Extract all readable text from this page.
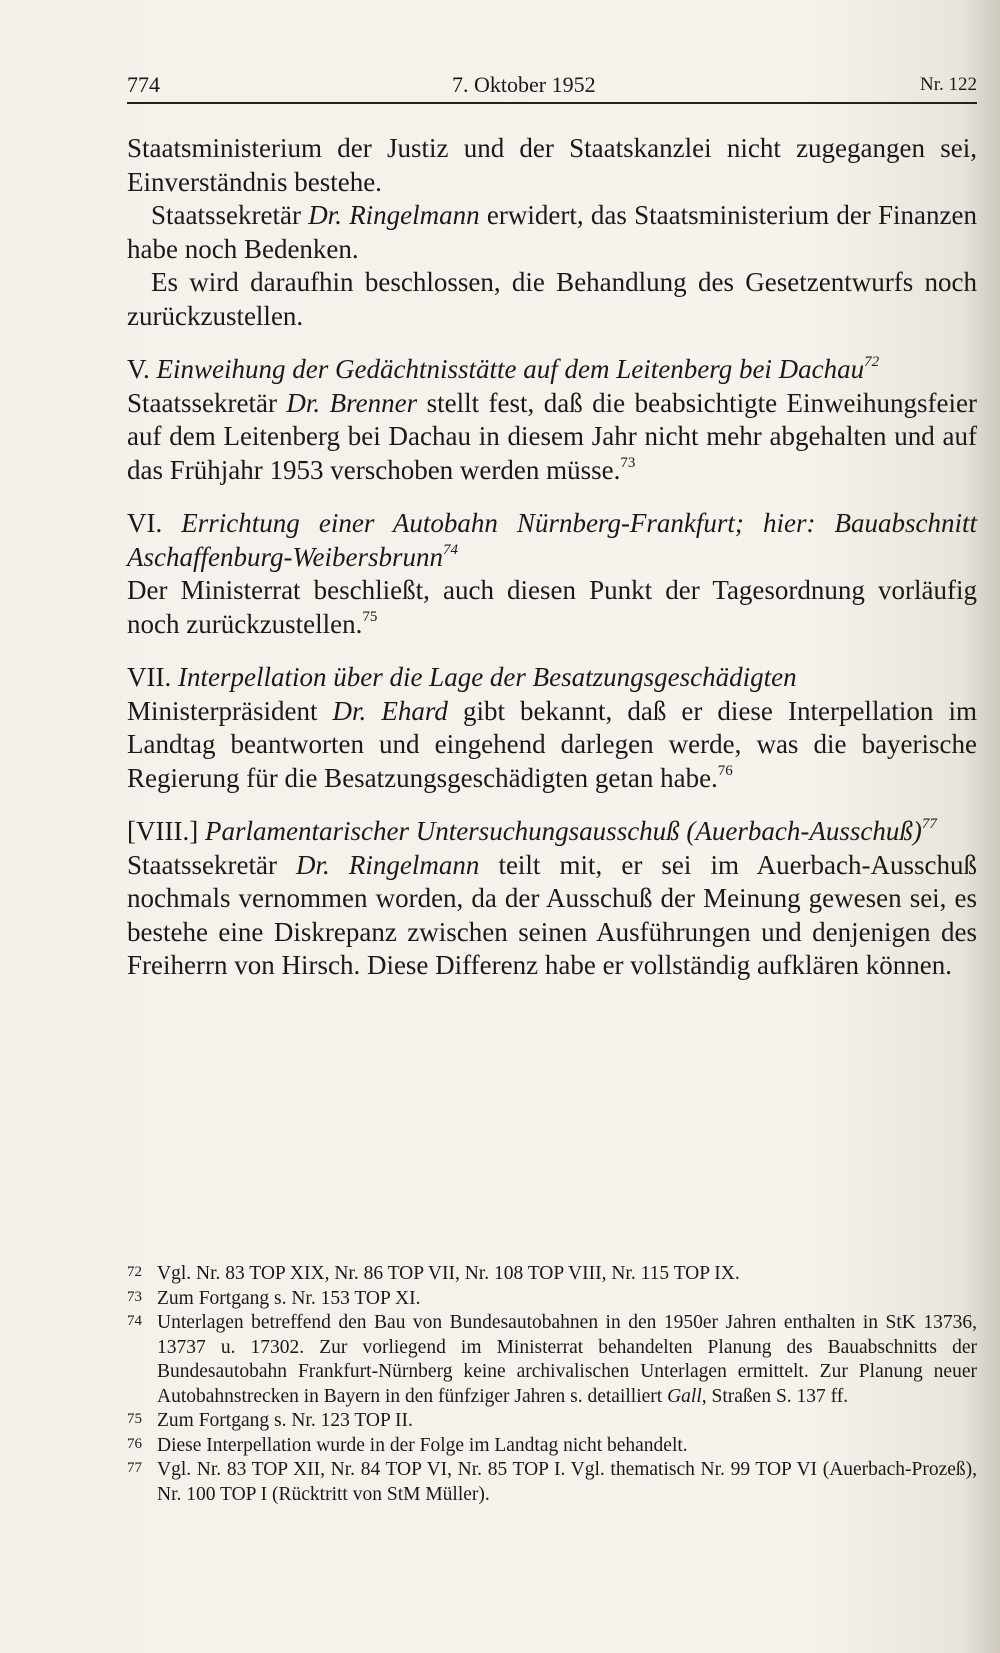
774	7. Oktober 1952	Nr. 122

Staatsministerium der Justiz und der Staatskanzlei nicht zugegangen sei, Einverständnis bestehe.

Staatssekretär Dr. Ringelmann erwidert, das Staatsministerium der Finanzen habe noch Bedenken.

Es wird daraufhin beschlossen, die Behandlung des Gesetzentwurfs noch zurückzustellen.

V. Einweihung der Gedächtnisstätte auf dem Leitenberg bei Dachau$^{72}$

Staatssekretär Dr. Brenner stellt fest, daß die beabsichtigte Einweihungsfeier auf dem Leitenberg bei Dachau in diesem Jahr nicht mehr abgehalten und auf das Frühjahr 1953 verschoben werden müsse.$^{73}$

VI. Errichtung einer Autobahn Nürnberg-Frankfurt; hier: Bauabschnitt Aschaffenburg-Weibersbrunn$^{74}$

Der Ministerrat beschließt, auch diesen Punkt der Tagesordnung vorläufig noch zurückzustellen.$^{75}$

VII. Interpellation über die Lage der Besatzungsgeschädigten

Ministerpräsident Dr. Ehard gibt bekannt, daß er diese Interpellation im Landtag beantworten und eingehend darlegen werde, was die bayerische Regierung für die Besatzungsgeschädigten getan habe.$^{76}$

[VIII.] Parlamentarischer Untersuchungsausschuß (Auerbach-Ausschuß)$^{77}$

Staatssekretär Dr. Ringelmann teilt mit, er sei im Auerbach-Ausschuß nochmals vernommen worden, da der Ausschuß der Meinung gewesen sei, es bestehe eine Diskrepanz zwischen seinen Ausführungen und denjenigen des Freiherrn von Hirsch. Diese Differenz habe er vollständig aufklären können.

72 Vgl. Nr. 83 TOP XIX, Nr. 86 TOP VII, Nr. 108 TOP VIII, Nr. 115 TOP IX.

73 Zum Fortgang s. Nr. 153 TOP XI.

74 Unterlagen betreffend den Bau von Bundesautobahnen in den 1950er Jahren enthalten in StK 13736, 13737 u. 17302. Zur vorliegend im Ministerrat behandelten Planung des Bauabschnitts der Bundesautobahn Frankfurt-Nürnberg keine archivalischen Unterlagen ermittelt. Zur Planung neuer Autobahnstrecken in Bayern in den fünfziger Jahren s. detailliert Gall, Straßen S. 137 ff.

75 Zum Fortgang s. Nr. 123 TOP II.

76 Diese Interpellation wurde in der Folge im Landtag nicht behandelt.

77 Vgl. Nr. 83 TOP XII, Nr. 84 TOP VI, Nr. 85 TOP I. Vgl. thematisch Nr. 99 TOP VI (Auerbach-Prozeß), Nr. 100 TOP I (Rücktritt von StM Müller).
